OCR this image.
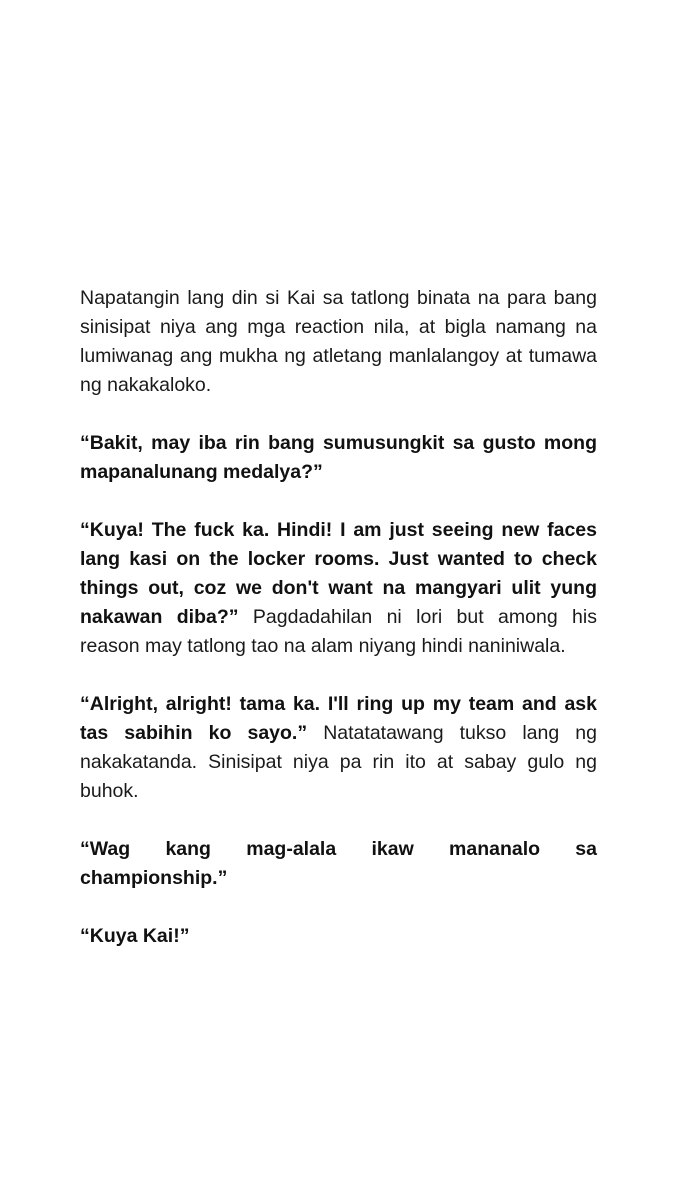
Napatangin lang din si Kai sa tatlong binata na para bang sinisipat niya ang mga reaction nila, at bigla namang na lumiwanag ang mukha ng atletang manlalangoy at tumawa ng nakakaloko.

“Bakit, may iba rin bang sumusungkit sa gusto mong mapanalunang medalya?”

“Kuya! The fuck ka. Hindi! I am just seeing new faces lang kasi on the locker rooms. Just wanted to check things out, coz we don't want na mangyari ulit yung nakawan diba?” Pagdadahilan ni lori but among his reason may tatlong tao na alam niyang hindi naniniwala.

“Alright, alright! tama ka. I'll ring up my team and ask tas sabihin ko sayo.” Natatatawang tukso lang ng nakakatanda. Sinisipat niya pa rin ito at sabay gulo ng buhok.

“Wag kang mag-alala ikaw mananalo sa championship.”

“Kuya Kai!”
